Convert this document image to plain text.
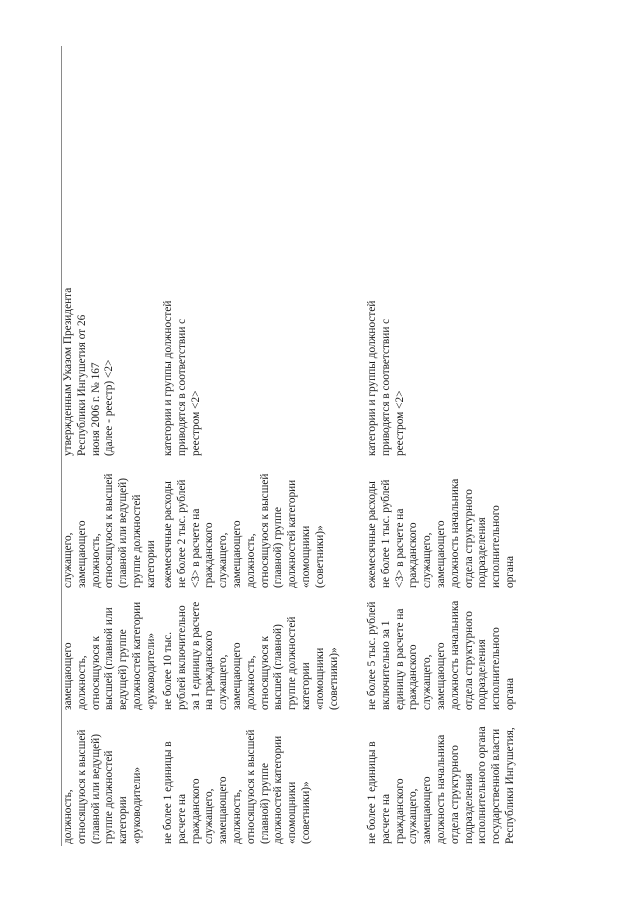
должность, относящуюся к высшей (главной или ведущей) группе должностей категории «руководители»
замещающего должность, относящуюся к высшей (главной или ведущей) группе должностей категории «руководители»
служащего, замещающего должность, относящуюся к высшей (главной или ведущей) группе должностей категории
утвержденным Указом Президента Республики Ингушетия от 26 июня 2006 г. № 167 (далее - реестр) <2>
не более 1 единицы в расчете на гражданского служащего, замещающего должность, относящуюся к высшей (главной) группе должностей категории «помощники (советники)»
не более 10 тыс. рублей включительно за 1 единицу в расчете на гражданского служащего, замещающего должность, относящуюся к высшей (главной) группе должностей категории «помощники (советники)»
ежемесячные расходы не более 2 тыс. рублей <3> в расчете на гражданского служащего, замещающего должность, относящуюся к высшей (главной) группе должностей категории «помощники (советники)»
категории и группы должностей приводятся в соответствии с реестром <2>
не более 1 единицы в расчете на гражданского служащего, замещающего должность начальника отдела структурного подразделения исполнительного органа государственной власти Республики Ингушетия,
не более 5 тыс. рублей включительно за 1 единицу в расчете на гражданского служащего, замещающего должность начальника отдела структурного подразделения исполнительного органа
ежемесячные расходы не более 1 тыс. рублей <3> в расчете на гражданского служащего, замещающего должность начальника отдела структурного подразделения исполнительного органа
категории и группы должностей приводятся в соответствии с реестром <2>
